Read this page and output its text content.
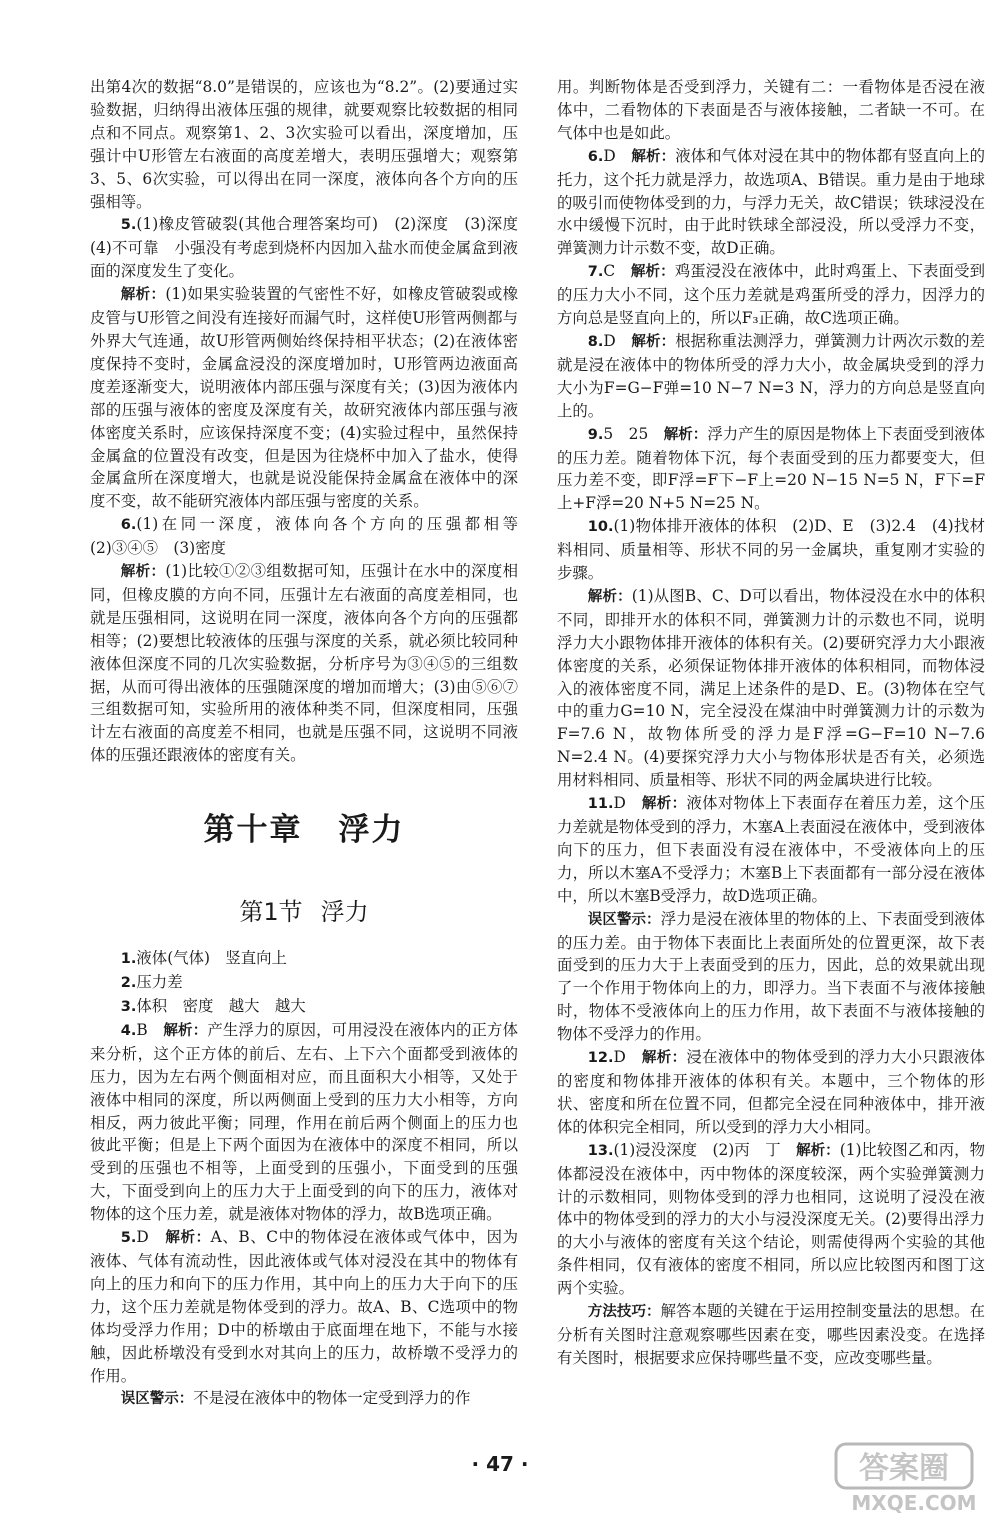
出第4次的数据“8.0”是错误的，应该也为“8.2”。(2)要通过实验数据，归纳得出液体压强的规律，就要观察比较数据的相同点和不同点。观察第1、2、3次实验可以看出，深度增加，压强计中U形管左右液面的高度差增大，表明压强增大；观察第3、5、6次实验，可以得出在同一深度，液体向各个方向的压强相等。

5.(1)橡皮管破裂(其他合理答案均可)　(2)深度　(3)深度　(4)不可靠　小强没有考虑到烧杯内因加入盐水而使金属盒到液面的深度发生了变化。

解析：(1)如果实验装置的气密性不好，如橡皮管破裂或橡皮管与U形管之间没有连接好而漏气时，这样使U形管两侧都与外界大气连通，故U形管两侧始终保持相平状态；(2)在液体密度保持不变时，金属盒浸没的深度增加时，U形管两边液面高度差逐渐变大，说明液体内部压强与深度有关；(3)因为液体内部的压强与液体的密度及深度有关，故研究液体内部压强与液体密度关系时，应该保持深度不变；(4)实验过程中，虽然保持金属盒的位置没有改变，但是因为往烧杯中加入了盐水，使得金属盒所在深度增大，也就是说没能保持金属盒在液体中的深度不变，故不能研究液体内部压强与密度的关系。

6.(1)在同一深度，液体向各个方向的压强都相等　(2)③④⑤　(3)密度

解析：(1)比较①②③组数据可知，压强计在水中的深度相同，但橡皮膜的方向不同，压强计左右液面的高度差相同，也就是压强相同，这说明在同一深度，液体向各个方向的压强都相等；(2)要想比较液体的压强与深度的关系，就必须比较同种液体但深度不同的几次实验数据，分析序号为③④⑤的三组数据，从而可得出液体的压强随深度的增加而增大；(3)由⑤⑥⑦三组数据可知，实验所用的液体种类不同，但深度相同，压强计左右液面的高度差不相同，也就是压强不同，这说明不同液体的压强还跟液体的密度有关。

第十章 浮力
第1节 浮力

1.液体(气体)　竖直向上

2.压力差

3.体积　密度　越大　越大

4.B　 解析：产生浮力的原因，可用浸没在液体内的正方体来分析，这个正方体的前后、左右、上下六个面都受到液体的压力，因为左右两个侧面相对应，而且面积大小相等，又处于液体中相同的深度，所以两侧面上受到的压力大小相等，方向相反，两力彼此平衡；同理，作用在前后两个侧面上的压力也彼此平衡；但是上下两个面因为在液体中的深度不相同，所以受到的压强也不相等，上面受到的压强小，下面受到的压强大，下面受到向上的压力大于上面受到的向下的压力，液体对物体的这个压力差，就是液体对物体的浮力，故B选项正确。

5.D　 解析：A、B、C中的物体浸在液体或气体中，因为液体、气体有流动性，因此液体或气体对浸没在其中的物体有向上的压力和向下的压力作用，其中向上的压力大于向下的压力，这个压力差就是物体受到的浮力。故A、B、C选项中的物体均受浮力作用；D中的桥墩由于底面埋在地下，不能与水接触，因此桥墩没有受到水对其向上的压力，故桥墩不受浮力的作用。

误区警示：不是浸在液体中的物体一定受到浮力的作

用。判断物体是否受到浮力，关键有二：一看物体是否浸在液体中，二看物体的下表面是否与液体接触，二者缺一不可。在气体中也是如此。

6.D　 解析：液体和气体对浸在其中的物体都有竖直向上的托力，这个托力就是浮力，故选项A、B错误。重力是由于地球的吸引而使物体受到的力，与浮力无关，故C错误；铁球浸没在水中缓慢下沉时，由于此时铁球全部浸没，所以受浮力不变，弹簧测力计示数不变，故D正确。

7.C　 解析：鸡蛋浸没在液体中，此时鸡蛋上、下表面受到的压力大小不同，这个压力差就是鸡蛋所受的浮力，因浮力的方向总是竖直向上的，所以F₃正确，故C选项正确。

8.D　 解析：根据称重法测浮力，弹簧测力计两次示数的差就是浸在液体中的物体所受的浮力大小，故金属块受到的浮力大小为F=G−F弹=10 N−7 N=3 N，浮力的方向总是竖直向上的。

9.5　25　 解析：浮力产生的原因是物体上下表面受到液体的压力差。随着物体下沉，每个表面受到的压力都要变大，但压力差不变，即F浮=F下−F上=20 N−15 N=5 N，F下=F上+F浮=20 N+5 N=25 N。

10.(1)物体排开液体的体积　(2)D、E　(3)2.4　(4)找材料相同、质量相等、形状不同的另一金属块，重复刚才实验的步骤。

解析：(1)从图B、C、D可以看出，物体浸没在水中的体积不同，即排开水的体积不同，弹簧测力计的示数也不同，说明浮力大小跟物体排开液体的体积有关。(2)要研究浮力大小跟液体密度的关系，必须保证物体排开液体的体积相同，而物体浸入的液体密度不同，满足上述条件的是D、E。(3)物体在空气中的重力G=10 N，完全浸没在煤油中时弹簧测力计的示数为F=7.6 N，故物体所受的浮力是F浮=G−F=10 N−7.6 N=2.4 N。(4)要探究浮力大小与物体形状是否有关，必须选用材料相同、质量相等、形状不同的两金属块进行比较。

11.D　 解析：液体对物体上下表面存在着压力差，这个压力差就是物体受到的浮力，木塞A上表面浸在液体中，受到液体向下的压力，但下表面没有浸在液体中，不受液体向上的压力，所以木塞A不受浮力；木塞B上下表面都有一部分浸在液体中，所以木塞B受浮力，故D选项正确。

误区警示：浮力是浸在液体里的物体的上、下表面受到液体的压力差。由于物体下表面比上表面所处的位置更深，故下表面受到的压力大于上表面受到的压力，因此，总的效果就出现了一个作用于物体向上的力，即浮力。当下表面不与液体接触时，物体不受液体向上的压力作用，故下表面不与液体接触的物体不受浮力的作用。

12.D　 解析：浸在液体中的物体受到的浮力大小只跟液体的密度和物体排开液体的体积有关。本题中，三个物体的形状、密度和所在位置不同，但都完全浸在同种液体中，排开液体的体积完全相同，所以受到的浮力大小相同。

13.(1)浸没深度　(2)丙　丁　 解析：(1)比较图乙和丙，物体都浸没在液体中，丙中物体的深度较深，两个实验弹簧测力计的示数相同，则物体受到的浮力也相同，这说明了浸没在液体中的物体受到的浮力的大小与浸没深度无关。(2)要得出浮力的大小与液体的密度有关这个结论，则需使得两个实验的其他条件相同，仅有液体的密度不相同，所以应比较图丙和图丁这两个实验。

方法技巧：解答本题的关键在于运用控制变量法的思想。在分析有关图时注意观察哪些因素在变，哪些因素没变。在选择有关图时，根据要求应保持哪些量不变，应改变哪些量。

· 47 ·	答案圈
MXQE.COM
